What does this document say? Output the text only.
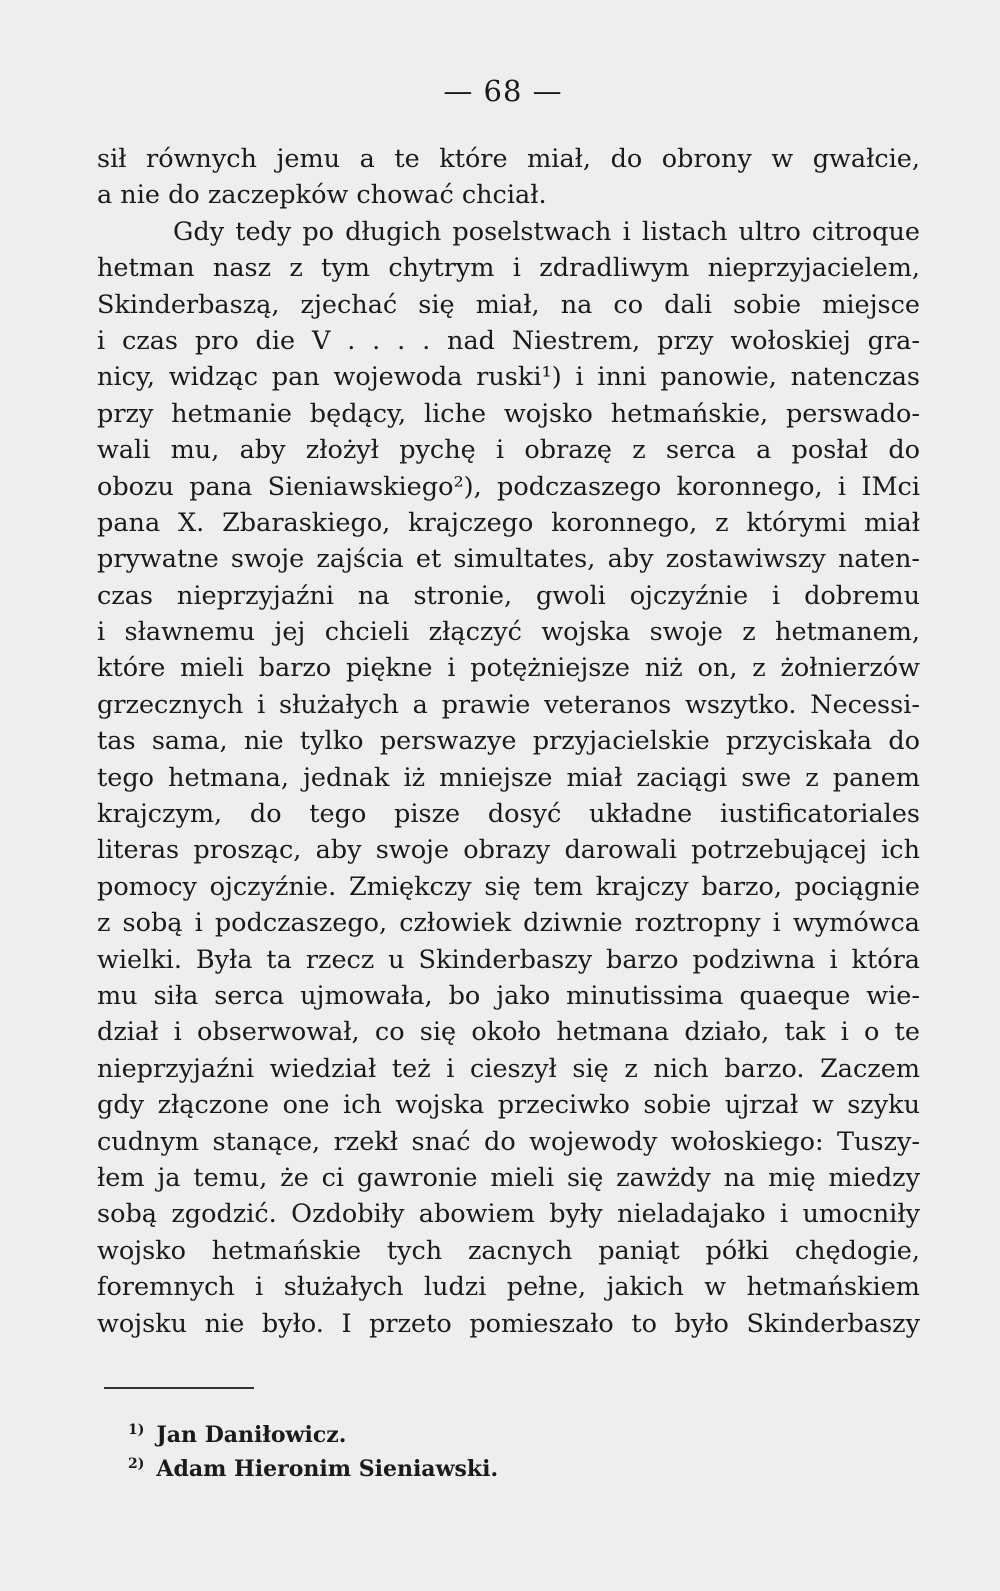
— 68 —
sił równych jemu a te które miał, do obrony w gwałcie,
a nie do zaczepków chować chciał.
Gdy tedy po długich poselstwach i listach ultro citroque
hetman nasz z tym chytrym i zdradliwym nieprzyjacielem,
Skinderbaszą, zjechać się miał, na co dali sobie miejsce
i czas pro die V . . . . nad Niestrem, przy wołoskiej gra-
nicy, widząc pan wojewoda ruski¹) i inni panowie, natenczas
przy hetmanie będący, liche wojsko hetmańskie, perswado-
wali mu, aby złożył pychę i obrazę z serca a posłał do
obozu pana Sieniawskiego²), podczaszego koronnego, i IMci
pana X. Zbaraskiego, krajczego koronnego, z którymi miał
prywatne swoje zajścia et simultates, aby zostawiwszy naten-
czas nieprzyjaźni na stronie, gwoli ojczyźnie i dobremu
i sławnemu jej chcieli złączyć wojska swoje z hetmanem,
które mieli barzo piękne i potężniejsze niż on, z żołnierzów
grzecznych i służałych a prawie veteranos wszytko. Necessi-
tas sama, nie tylko perswazye przyjacielskie przyciskała do
tego hetmana, jednak iż mniejsze miał zaciągi swe z panem
krajczym, do tego pisze dosyć układne iustificatoriales
literas prosząc, aby swoje obrazy darowali potrzebującej ich
pomocy ojczyźnie. Zmiękczy się tem krajczy barzo, pociągnie
z sobą i podczaszego, człowiek dziwnie roztropny i wymówca
wielki. Była ta rzecz u Skinderbaszy barzo podziwna i która
mu siła serca ujmowała, bo jako minutissima quaeque wie-
dział i obserwował, co się około hetmana działo, tak i o te
nieprzyjaźni wiedział też i cieszył się z nich barzo. Zaczem
gdy złączone one ich wojska przeciwko sobie ujrzał w szyku
cudnym stanące, rzekł snać do wojewody wołoskiego: Tuszy-
łem ja temu, że ci gawronie mieli się zawżdy na mię miedzy
sobą zgodzić. Ozdobiły abowiem były nieladajako i umocniły
wojsko hetmańskie tych zacnych paniąt półki chędogie,
foremnych i służałych ludzi pełne, jakich w hetmańskiem
wojsku nie było. I przeto pomieszało to było Skinderbaszy
$^{1)}$ Jan Daniłowicz.
$^{2)}$ Adam Hieronim Sieniawski.
